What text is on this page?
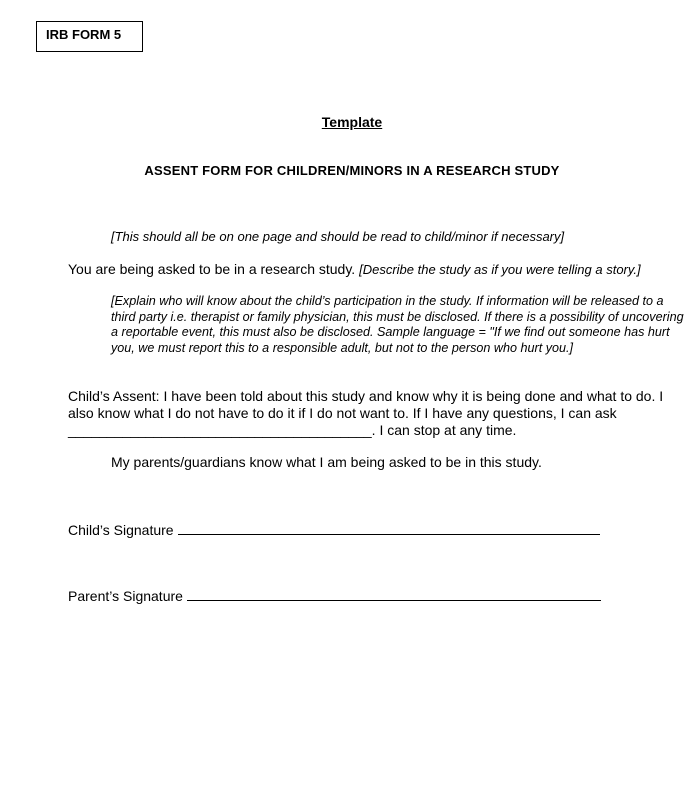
IRB FORM 5
Template
ASSENT FORM FOR CHILDREN/MINORS IN A RESEARCH STUDY
[This should all be on one page and should be read to child/minor if necessary]
You are being asked to be in a research study. [Describe the study as if you were telling a story.]
[Explain who will know about the child’s participation in the study. If information will be released to a third party i.e. therapist or family physician, this must be disclosed. If there is a possibility of uncovering a reportable event, this must also be disclosed. Sample language = "If we find out someone has hurt you, we must report this to a responsible adult, but not to the person who hurt you.]
Child’s Assent: I have been told about this study and know why it is being done and what to do. I also know what I do not have to do it if I do not want to. If I have any questions, I can ask _______________________________________. I can stop at any time.
My parents/guardians know what I am being asked to be in this study.
Child’s Signature
Parent’s Signature
